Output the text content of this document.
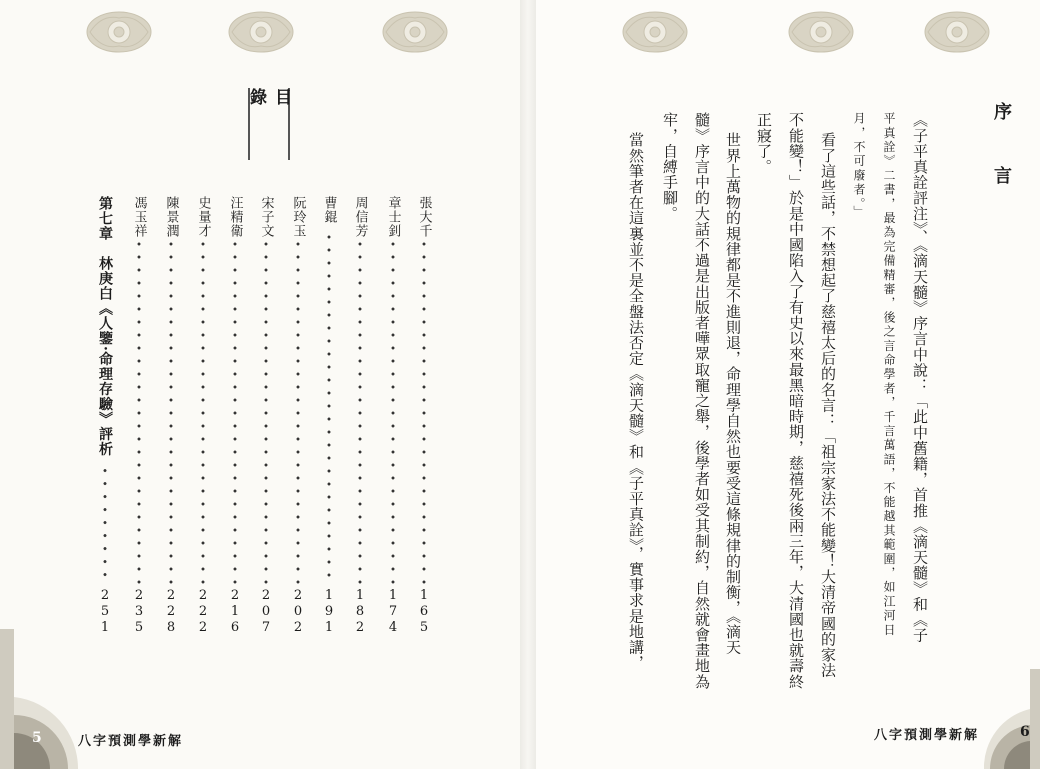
目　錄
張大千
165
章士釗
174
周信芳
182
曹錕
191
阮玲玉
202
宋子文
207
汪精衛
216
史量才
222
陳景潤
228
馮玉祥
235
第七章　林庚白《人鑒·命理存驗》評析
251
5	八字預測學新解
序　言
《子平真詮評注》、《滴天髓》序言中說：「此中舊籍，首推《滴天髓》和《子
平真詮》二書，最為完備精審，後之言命學者，千言萬語，不能越其範圍，如江河日
月，不可廢者。」
看了這些話，不禁想起了慈禧太后的名言：「祖宗家法不能變！大清帝國的家法
不能變！」於是中國陷入了有史以來最黑暗時期，慈禧死後兩三年，大清國也就壽終
正寢了。
世界上萬物的規律都是不進則退，命理學自然也要受這條規律的制衡，《滴天
髓》序言中的大話不過是出版者嘩眾取寵之舉，後學者如受其制約，自然就會畫地為
牢，自縛手腳。
當然筆者在這裏並不是全盤法否定《滴天髓》和《子平真詮》，實事求是地講，
八字預測學新解	6
